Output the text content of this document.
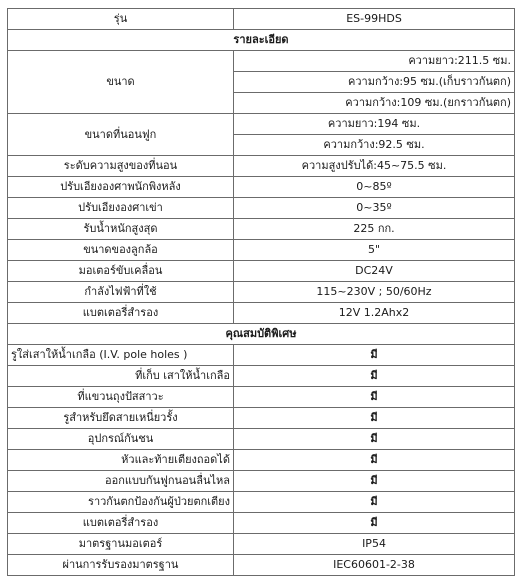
รุ่น	ES-99HDS
รายละเอียด	
ขนาด	ความยาว:211.5 ซม.
	ความกว้าง:95 ซม.(เก็บราวกันตก)
	ความกว้าง:109 ซม.(ยกราวกันตก)
ขนาดที่นอนฟูก	ความยาว:194 ซม.
	ความกว้าง:92.5 ซม.
ระดับความสูงของที่นอน	ความสูงปรับได้:45~75.5 ซม.
ปรับเอียงองศาพนักพิงหลัง	0~85º
ปรับเอียงองศาเข่า	0~35º
รับน้ำหนักสูงสุด	225 กก.
ขนาดของลูกล้อ	5"
มอเตอร์ขับเคลื่อน	DC24V
กำลังไฟฟ้าที่ใช้	115~230V ; 50/60Hz
แบตเตอรี่สำรอง	12V 1.2Ahx2
คุณสมบัติพิเศษ	
รูใส่เสาให้น้ำเกลือ (I.V. pole holes )	มี
ที่เก็บ เสาให้น้ำเกลือ	มี
ที่แขวนถุงปัสสาวะ	มี
รูสำหรับยึดสายเหนี่ยวรั้ง	มี
อุปกรณ์กันชน	มี
หัวและท้ายเตียงถอดได้	มี
ออกแบบกันฟูกนอนลื่นไหล	มี
ราวกันตกป้องกันผู้ป่วยตกเตียง	มี
แบตเตอรี่สำรอง	มี
มาตรฐานมอเตอร์	IP54
ผ่านการรับรองมาตรฐาน	IEC60601-2-38
